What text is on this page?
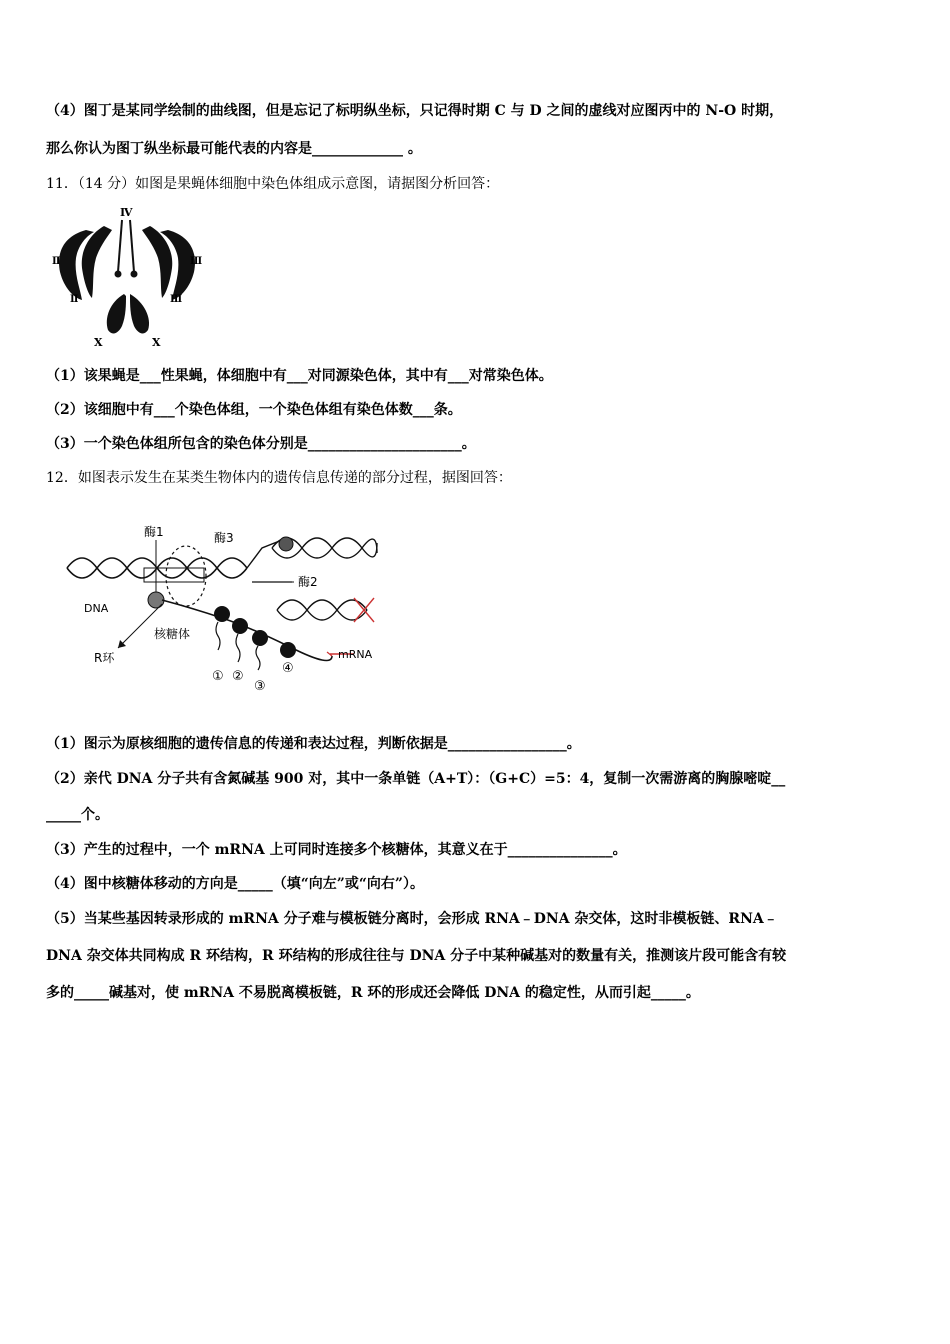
（4）图丁是某同学绘制的曲线图，但是忘记了标明纵坐标，只记得时期 C 与 D 之间的虚线对应图丙中的 N-O 时期，
那么你认为图丁纵坐标最可能代表的内容是_____________ 。
11．（14 分）如图是果蝇体细胞中染色体组成示意图，请据图分析回答：
Ⅳ
Ⅱ
Ⅱ
Ⅲ
Ⅲ
X	X
（1）该果蝇是___性果蝇，体细胞中有___对同源染色体，其中有___对常染色体。
（2）该细胞中有___个染色体组，一个染色体组有染色体数___条。
（3）一个染色体组所包含的染色体分别是______________________。
12．如图表示发生在某类生物体内的遗传信息传递的部分过程，据图回答：
酶1	酶3
酶2
DNA
核糖体
R环	mRNA
① ②
③
④
（1）图示为原核细胞的遗传信息的传递和表达过程，判断依据是_________________。
（2）亲代 DNA 分子共有含氮碱基 900 对，其中一条单链（A+T）：（G+C）=5：4，复制一次需游离的胸腺嘧啶__
_____个。
（3）产生的过程中，一个 mRNA 上可同时连接多个核糖体，其意义在于_______________。
（4）图中核糖体移动的方向是_____（填“向左”或“向右”）。
（5）当某些基因转录形成的 mRNA 分子难与模板链分离时，会形成 RNA﹣DNA 杂交体，这时非模板链、RNA﹣
DNA 杂交体共同构成 R 环结构，R 环结构的形成往往与 DNA 分子中某种碱基对的数量有关，推测该片段可能含有较
多的_____碱基对，使 mRNA 不易脱离模板链，R 环的形成还会降低 DNA 的稳定性，从而引起_____。
